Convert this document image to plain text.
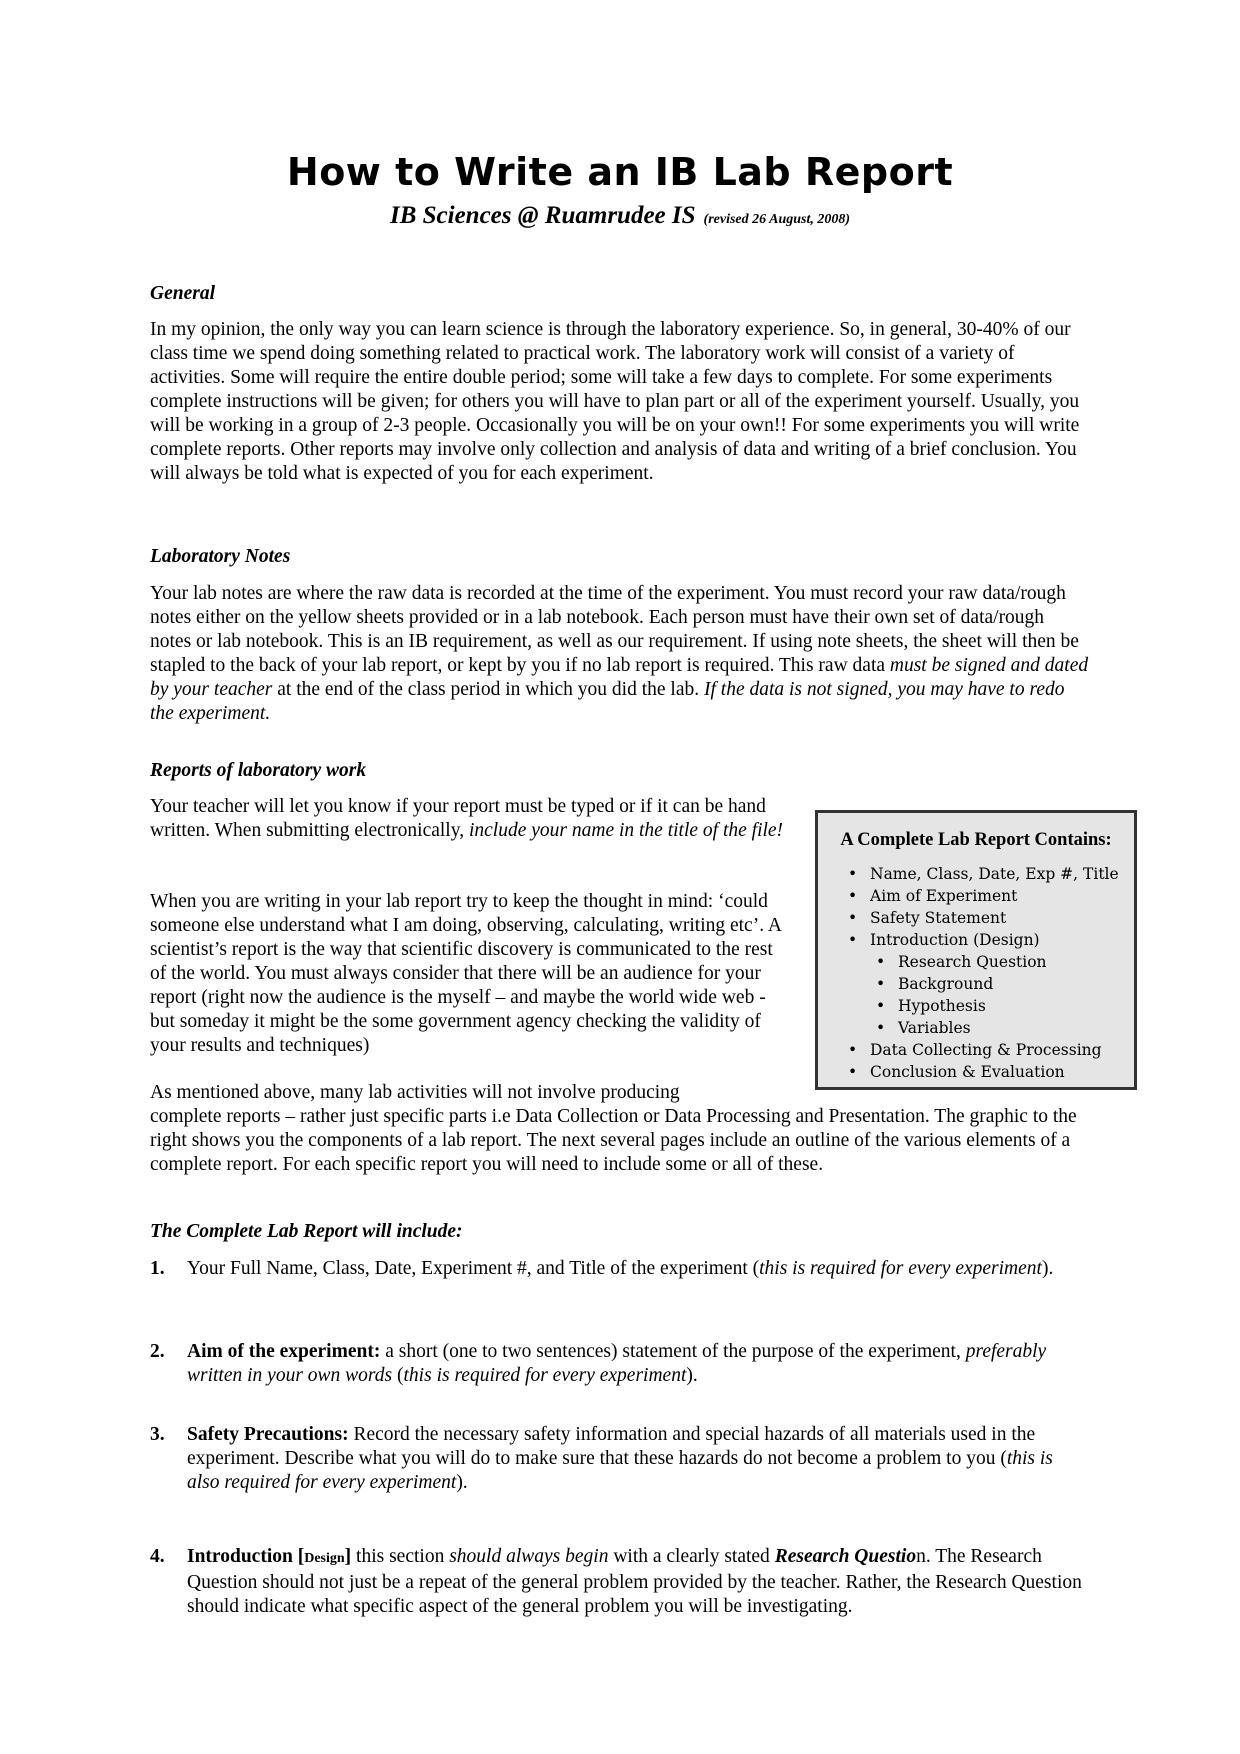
How to Write an IB Lab Report
IB Sciences @ Ruamrudee IS (revised 26 August, 2008)
General

In my opinion, the only way you can learn science is through the laboratory experience. So, in general, 30-40% of our class time we spend doing something related to practical work. The laboratory work will consist of a variety of activities. Some will require the entire double period; some will take a few days to complete. For some experiments complete instructions will be given; for others you will have to plan part or all of the experiment yourself. Usually, you will be working in a group of 2-3 people. Occasionally you will be on your own!! For some experiments you will write complete reports. Other reports may involve only collection and analysis of data and writing of a brief conclusion. You will always be told what is expected of you for each experiment.

Laboratory Notes

Your lab notes are where the raw data is recorded at the time of the experiment. You must record your raw data/rough notes either on the yellow sheets provided or in a lab notebook. Each person must have their own set of data/rough notes or lab notebook. This is an IB requirement, as well as our requirement. If using note sheets, the sheet will then be stapled to the back of your lab report, or kept by you if no lab report is required. This raw data must be signed and dated by your teacher at the end of the class period in which you did the lab. If the data is not signed, you may have to redo the experiment.

Reports of laboratory work

Your teacher will let you know if your report must be typed or if it can be hand written. When submitting electronically, include your name in the title of the file!

When you are writing in your lab report try to keep the thought in mind: ‘could someone else understand what I am doing, observing, calculating, writing etc’. A scientist’s report is the way that scientific discovery is communicated to the rest of the world. You must always consider that there will be an audience for your report (right now the audience is the myself – and maybe the world wide web - but someday it might be the some government agency checking the validity of your results and techniques)

As mentioned above, many lab activities will not involve producing

complete reports – rather just specific parts i.e Data Collection or Data Processing and Presentation. The graphic to the right shows you the components of a lab report. The next several pages include an outline of the various elements of a complete report. For each specific report you will need to include some or all of these.

A Complete Lab Report Contains:
• Name, Class, Date, Exp #, Title
• Aim of Experiment
• Safety Statement
• Introduction (Design)
• Research Question
• Background
• Hypothesis
• Variables
• Data Collecting & Processing
• Conclusion & Evaluation
The Complete Lab Report will include:
1. Your Full Name, Class, Date, Experiment #, and Title of the experiment (this is required for every experiment).
2. Aim of the experiment: a short (one to two sentences) statement of the purpose of the experiment, preferably written in your own words (this is required for every experiment).
3. Safety Precautions: Record the necessary safety information and special hazards of all materials used in the experiment. Describe what you will do to make sure that these hazards do not become a problem to you (this is also required for every experiment).
4. Introduction [Design] this section should always begin with a clearly stated Research Question. The Research Question should not just be a repeat of the general problem provided by the teacher. Rather, the Research Question should indicate what specific aspect of the general problem you will be investigating.
